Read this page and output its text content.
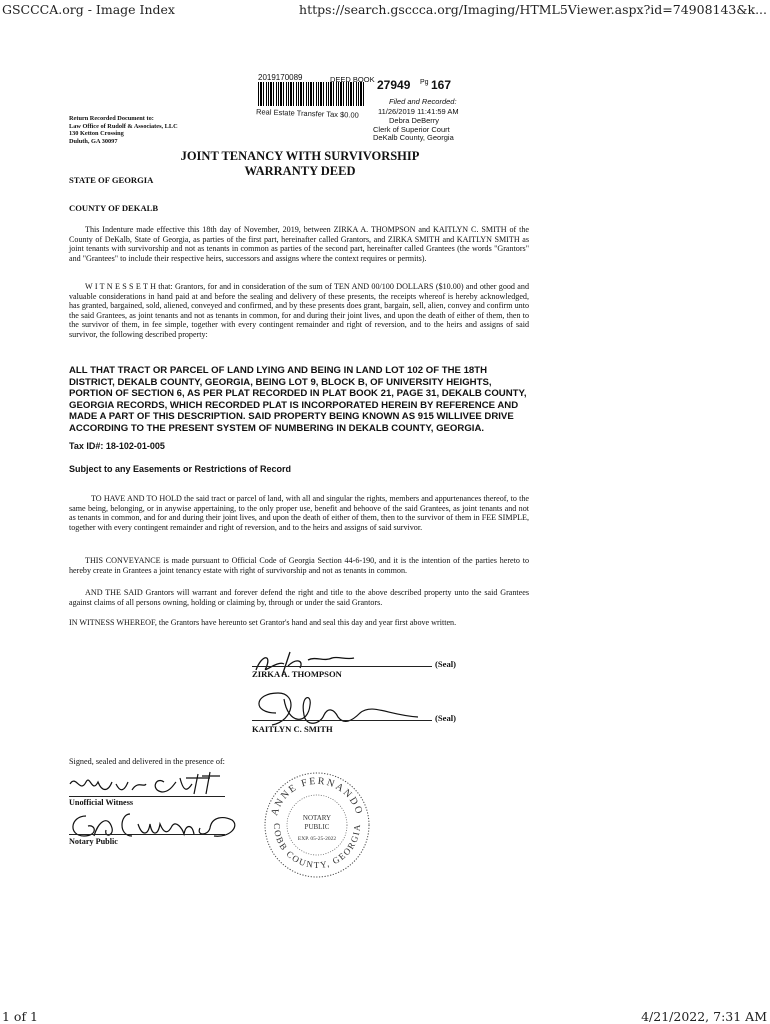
GSCCCA.org - Image Index	https://search.gsccca.org/Imaging/HTML5Viewer.aspx?id=74908143&k...
1 of 1	4/21/2022, 7:31 AM
2019170089	DEED BOOK 27949 Pg 167
Filed and Recorded:
Real Estate Transfer Tax $0.00	11/26/2019 11:41:59 AM
Debra DeBerry
Clerk of Superior Court
DeKalb County, Georgia
Return Recorded Document to:
Law Office of Rudolf & Associates, LLC
130 Ketton Crossing
Duluth, GA 30097
JOINT TENANCY WITH SURVIVORSHIP
WARRANTY DEED
STATE OF GEORGIA
COUNTY OF DEKALB
This Indenture made effective this 18th day of November, 2019, between ZIRKA A. THOMPSON and KAITLYN C. SMITH of the County of DeKalb, State of Georgia, as parties of the first part, hereinafter called Grantors, and ZIRKA SMITH and KAITLYN SMITH as joint tenants with survivorship and not as tenants in common as parties of the second part, hereinafter called Grantees (the words "Grantors" and "Grantees" to include their respective heirs, successors and assigns where the context requires or permits).
W I T N E S S E T H that: Grantors, for and in consideration of the sum of TEN AND 00/100 DOLLARS ($10.00) and other good and valuable considerations in hand paid at and before the sealing and delivery of these presents, the receipts whereof is hereby acknowledged, has granted, bargained, sold, aliened, conveyed and confirmed, and by these presents does grant, bargain, sell, alien, convey and confirm unto the said Grantees, as joint tenants and not as tenants in common, for and during their joint lives, and upon the death of either of them, then to the survivor of them, in fee simple, together with every contingent remainder and right of reversion, and to the heirs and assigns of said survivor, the following described property:
ALL THAT TRACT OR PARCEL OF LAND LYING AND BEING IN LAND LOT 102 OF THE 18TH DISTRICT, DEKALB COUNTY, GEORGIA, BEING LOT 9, BLOCK B, OF UNIVERSITY HEIGHTS, PORTION OF SECTION 6, AS PER PLAT RECORDED IN PLAT BOOK 21, PAGE 31, DEKALB COUNTY, GEORGIA RECORDS, WHICH RECORDED PLAT IS INCORPORATED HEREIN BY REFERENCE AND MADE A PART OF THIS DESCRIPTION. SAID PROPERTY BEING KNOWN AS 915 WILLIVEE DRIVE ACCORDING TO THE PRESENT SYSTEM OF NUMBERING IN DEKALB COUNTY, GEORGIA.
Tax ID#: 18-102-01-005
Subject to any Easements or Restrictions of Record
TO HAVE AND TO HOLD the said tract or parcel of land, with all and singular the rights, members and appurtenances thereof, to the same being, belonging, or in anywise appertaining, to the only proper use, benefit and behoove of the said Grantees, as joint tenants and not as tenants in common, and for and during their joint lives, and upon the death of either of them, then to the survivor of them in FEE SIMPLE, together with every contingent remainder and right of reversion, and to the heirs and assigns of said survivor.
THIS CONVEYANCE is made pursuant to Official Code of Georgia Section 44-6-190, and it is the intention of the parties hereto to hereby create in Grantees a joint tenancy estate with right of survivorship and not as tenants in common.
AND THE SAID Grantors will warrant and forever defend the right and title to the above described property unto the said Grantees against claims of all persons owning, holding or claiming by, through or under the said Grantors.
IN WITNESS WHEREOF, the Grantors have hereunto set Grantor's hand and seal this day and year first above written.
(Seal)
ZIRKA A. THOMPSON
(Seal)
KAITLYN C. SMITH
Signed, sealed and delivered in the presence of:
Unofficial Witness
Notary Public
ANNE FERNANDO
COBB COUNTY, GEORGIA
NOTARY
PUBLIC
EXP. 05-25-2022
